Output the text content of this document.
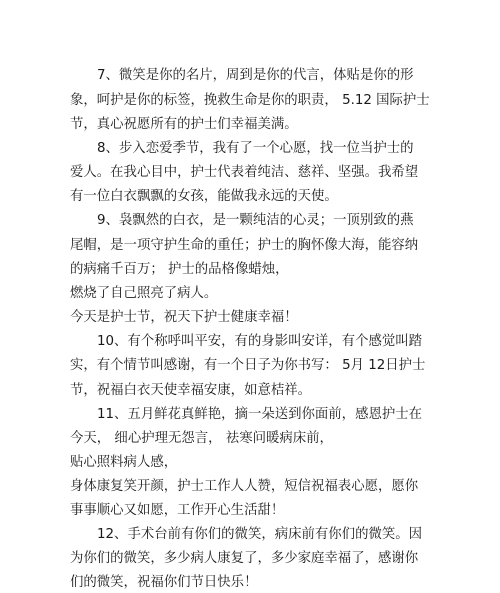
7、微笑是你的名片，周到是你的代言，体贴是你的形

象，呵护是你的标签，挽救生命是你的职责， 5.12 国际护士

节，真心祝愿所有的护士们幸福美满。

8、步入恋爱季节，我有了一个心愿，找一位当护士的

爱人。在我心目中，护士代表着纯洁、慈祥、坚强。我希望

有一位白衣飘飘的女孩，能做我永远的天使。

9、袅飘然的白衣，是一颗纯洁的心灵；一顶别致的燕

尾帽，是一项守护生命的重任；护士的胸怀像大海，能容纳

的病痛千百万； 护士的品格像蜡烛，

燃烧了自己照亮了病人。

今天是护士节，祝天下护士健康幸福！

10、有个称呼叫平安，有的身影叫安详，有个感觉叫踏

实，有个情节叫感谢，有一个日子为你书写： 5月 12日护士

节，祝福白衣天使幸福安康，如意桔祥。

11、五月鲜花真鲜艳，摘一朵送到你面前，感恩护士在

今天， 细心护理无怨言， 祛寒问暖病床前，

贴心照料病人感，

身体康复笑开颜，护士工作人人赞，短信祝福表心愿，愿你

事事顺心又如愿，工作开心生活甜！

12、手术台前有你们的微笑，病床前有你们的微笑。因

为你们的微笑，多少病人康复了，多少家庭幸福了，感谢你

们的微笑，祝福你们节日快乐！
